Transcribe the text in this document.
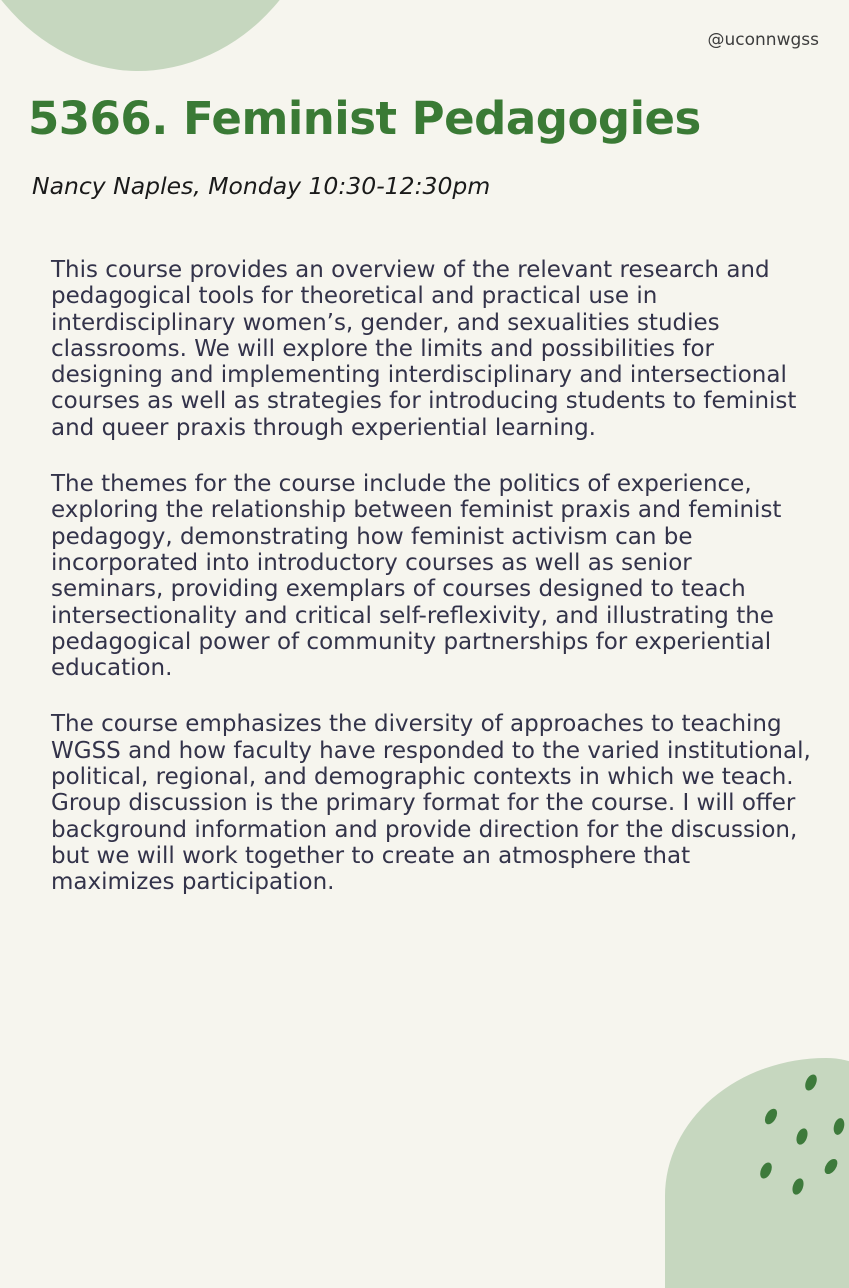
@uconnwgss
5366. Feminist Pedagogies

Nancy Naples, Monday 10:30-12:30pm

This course provides an overview of the relevant research and pedagogical tools for theoretical and practical use in interdisciplinary women’s, gender, and sexualities studies classrooms. We will explore the limits and possibilities for designing and implementing interdisciplinary and intersectional courses as well as strategies for introducing students to feminist and queer praxis through experiential learning.

The themes for the course include the politics of experience, exploring the relationship between feminist praxis and feminist pedagogy, demonstrating how feminist activism can be incorporated into introductory courses as well as senior seminars, providing exemplars of courses designed to teach intersectionality and critical self-reflexivity, and illustrating the pedagogical power of community partnerships for experiential education.

The course emphasizes the diversity of approaches to teaching WGSS and how faculty have responded to the varied institutional, political, regional, and demographic contexts in which we teach. Group discussion is the primary format for the course. I will offer background information and provide direction for the discussion, but we will work together to create an atmosphere that maximizes participation.
